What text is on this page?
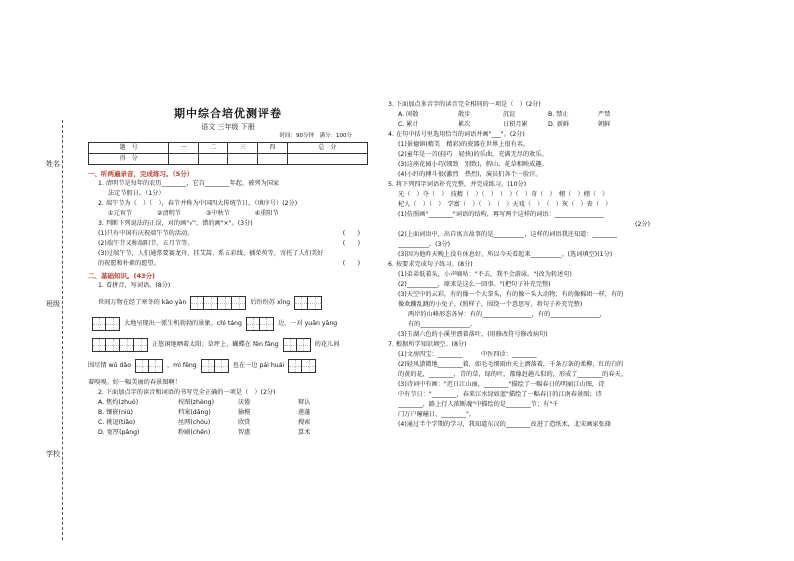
姓名
班级
学校
期中综合培优测评卷
语文 三年级 下册
时间：90分钟　满分：100分
题　号	一	二	三	四	总　分
得　分					
一、听两遍录音，完成练习。（5分）
1. 清明节是每年的农历________，它自________年起，被列为国家
法定节假日。（1分）
2. 端午节为（　）（　），春节并称为中国四大传统节日。（填序号）(2分)
①元宵节　　　　②清明节　　　　③中秋节　　　　④重阳节
3. 判断下列说法的正误，对的画"√"，错的画"×"。(3分)
(1)只有中国有庆祝端午节的活动。	(　　)
(2)端午节又称端阳节、五月节等。	(　　)
(3)过端午节，人们通常要赛龙舟、挂艾蒿、系五彩线、插茱萸等，寄托了人们美好
的祝愿和朴素的愿望。	(　　)
二、基础知识。(43分)
1. 看拼音，写词语。(8分)
世间万物在经了寒冬的 kào yàn	后纷纷苏 xǐng
大地呈现出一派生机勃勃的景象。chì táng	边，一对 yuān yāng
正悠闲地晒着太阳；草坪上，蝴蝶在 fēn fāng	的花儿间
围尽情 wǔ dǎo	，mì fēng	也在一边 pái huái
着嗅嗅。好一幅美丽的春景图啊！
2. 下面加点字的读音和词语的书写完全正确的一项是（　）(2分)
A. 焦灼(zhuó)	按图(zhèng)	厌倦	辩认
B. 镶嵌(niù)	档案(dǎng)	偷模	莲蓬
C. 挑逗(tiǎo)	丝网(chóu)	欣赏	搜索
D. 宽厚(pāng)	粉刷(chēn)	智惠	算术
3. 下面加点多音字的读音完全相同的一项是（　）(2分)
A. 闲散	散步	沉淀	B. 禁止	严禁
C. 累计	累次	日积月累	D. 新鲜	朝鲜
4. 在句中括号里选用恰当的词语并画"___"。(2分)
(1)景德镇(精美　精彩)的瓷器在世界上很有名。
(2)童年是一首(轻巧　轻快)的乐曲，充满无尽的欢乐。
(3)这座花园小巧(细致　别致)，假山、花草相映成趣。
(4)小纤的搏斗很(激烈　热烈)，演员们各个一脸汗。
5. 将下列四字词语补充完整，并完成练习。(10分)
光（　）夺（　）　技精（　）（　）　（　）（　）奇（　）　栩（　）栩（　）
杞人（　）（　）　学富（　）（　）　（　）天戏（　）　（　）灰（　）丧（　）
(1)仿照画"________"词语的结构，再写两个这样的词语：________________
(2分)
(2)上面词语中，出自寓言故事的是__________，这样的词语我还知道：________
__________。(3分)
(3)因为他昨天晚上没有休息好，所以今天看起来__________。(选词填空)(1分)
6. 按要求完成句子练习。(8分)
(1)弟弟低着头，小声嘀咕："不去，我不会游泳。"(改为转述句)
(2)__________，原来是这么一回事。"(把句子补充完整)
(3)天空中的云彩，有的像一个大拳头，有的像一头大动物；有的像棉团一样，有的
像欢蹦乱跳的小兔子。(照样子，围绕一个意思写，将句子补充完整)
两岸的山峰形态各异：有的________________，有的________________，
有的________________。
(3)玉湖六色的小溪里漂着落叶。(用修改符号修改病句)
7. 根据所学知识填空。(8分)
(1)文房四宝：________　　　中医四诊：________
(2)轻风潇微地________着，如毛毛细雨由天上洒落着，千条万条的柔柳，红的白的
的黄的花，________，青的草，绿的叶，都像赶趟儿似的，形成了________的春天。
(3)诗词中有画："迟日江山丽，________"描绘了一幅春日的明丽江山图，诗
中有节日："________，春来江水绿如蓝"描绘了一幅春日的江南春景图；诗
________，路上行人欲断魂"中描绘的是________节；有"千
门万户曈曈日，________"。
(4)通过半个学期的学习，我知道东汉的________改进了造纸术，北宋画家张择
